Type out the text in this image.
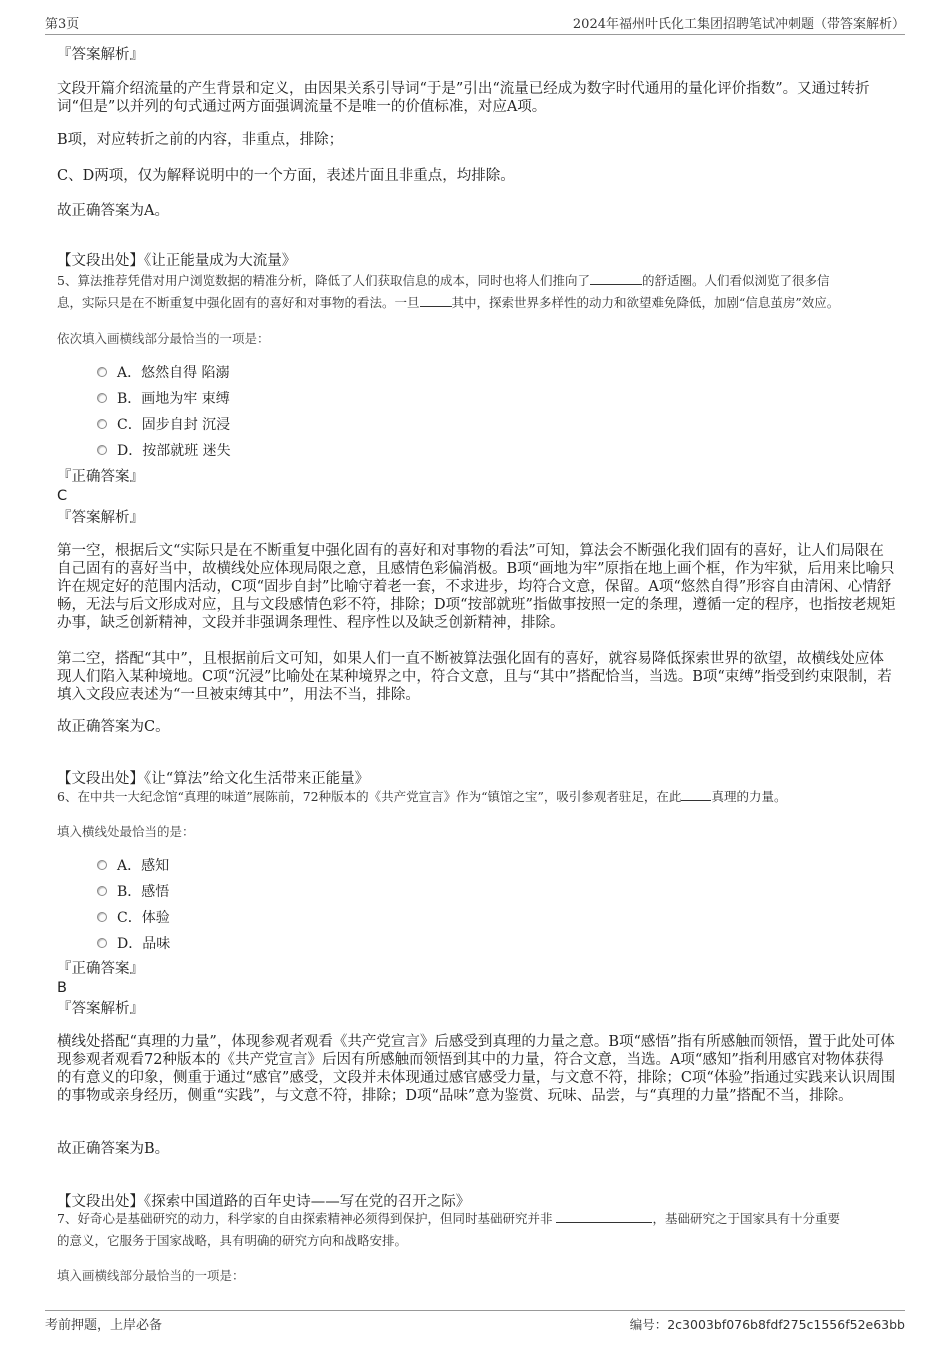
第3页	2024年福州叶氏化工集团招聘笔试冲刺题（带答案解析）
『答案解析』

文段开篇介绍流量的产生背景和定义，由因果关系引导词“于是”引出“流量已经成为数字时代通用的量化评价指数”。又通过转折词“但是”以并列的句式通过两方面强调流量不是唯一的价值标准，对应A项。

B项，对应转折之前的内容，非重点，排除；

C、D两项，仅为解释说明中的一个方面，表述片面且非重点，均排除。

故正确答案为A。

【文段出处】《让正能量成为大流量》

5、算法推荐凭借对用户浏览数据的精准分析，降低了人们获取信息的成本，同时也将人们推向了	的舒适圈。人们看似浏览了很多信
息，实际只是在不断重复中强化固有的喜好和对事物的看法。一旦	其中，探索世界多样性的动力和欲望难免降低，加剧“信息茧房”效应。
依次填入画横线部分最恰当的一项是：
A．悠然自得 陷溺
B．画地为牢 束缚
C．固步自封 沉浸
D．按部就班 迷失
『正确答案』
C
『答案解析』

第一空，根据后文“实际只是在不断重复中强化固有的喜好和对事物的看法”可知，算法会不断强化我们固有的喜好，让人们局限在自己固有的喜好当中，故横线处应体现局限之意，且感情色彩偏消极。B项“画地为牢”原指在地上画个框，作为牢狱，后用来比喻只许在规定好的范围内活动，C项“固步自封”比喻守着老一套，不求进步，均符合文意，保留。A项“悠然自得”形容自由清闲、心情舒畅，无法与后文形成对应，且与文段感情色彩不符，排除；D项“按部就班”指做事按照一定的条理，遵循一定的程序，也指按老规矩办事，缺乏创新精神，文段并非强调条理性、程序性以及缺乏创新精神，排除。

第二空，搭配“其中”，且根据前后文可知，如果人们一直不断被算法强化固有的喜好，就容易降低探索世界的欲望，故横线处应体现人们陷入某种境地。C项“沉浸”比喻处在某种境界之中，符合文意，且与“其中”搭配恰当，当选。B项“束缚”指受到约束限制，若填入文段应表述为“一旦被束缚其中”，用法不当，排除。

故正确答案为C。

【文段出处】《让“算法”给文化生活带来正能量》

6、在中共一大纪念馆“真理的味道”展陈前，72种版本的《共产党宣言》作为“镇馆之宝”，吸引参观者驻足，在此 真理的力量。
填入横线处最恰当的是：
A．感知
B．感悟
C．体验
D．品味
『正确答案』
B
『答案解析』

横线处搭配“真理的力量”，体现参观者观看《共产党宣言》后感受到真理的力量之意。B项“感悟”指有所感触而领悟，置于此处可体现参观者观看72种版本的《共产党宣言》后因有所感触而领悟到其中的力量，符合文意，当选。A项“感知”指利用感官对物体获得的有意义的印象，侧重于通过“感官”感受，文段并未体现通过感官感受力量，与文意不符，排除；C项“体验”指通过实践来认识周围的事物或亲身经历，侧重“实践”，与文意不符，排除；D项“品味”意为鉴赏、玩味、品尝，与“真理的力量”搭配不当，排除。

故正确答案为B。

【文段出处】《探索中国道路的百年史诗——写在党的召开之际》

7、好奇心是基础研究的动力，科学家的自由探索精神必须得到保护，但同时基础研究并非	，基础研究之于国家具有十分重要
的意义，它服务于国家战略，具有明确的研究方向和战略安排。
填入画横线部分最恰当的一项是：
考前押题，上岸必备	编号：2c3003bf076b8fdf275c1556f52e63bb
